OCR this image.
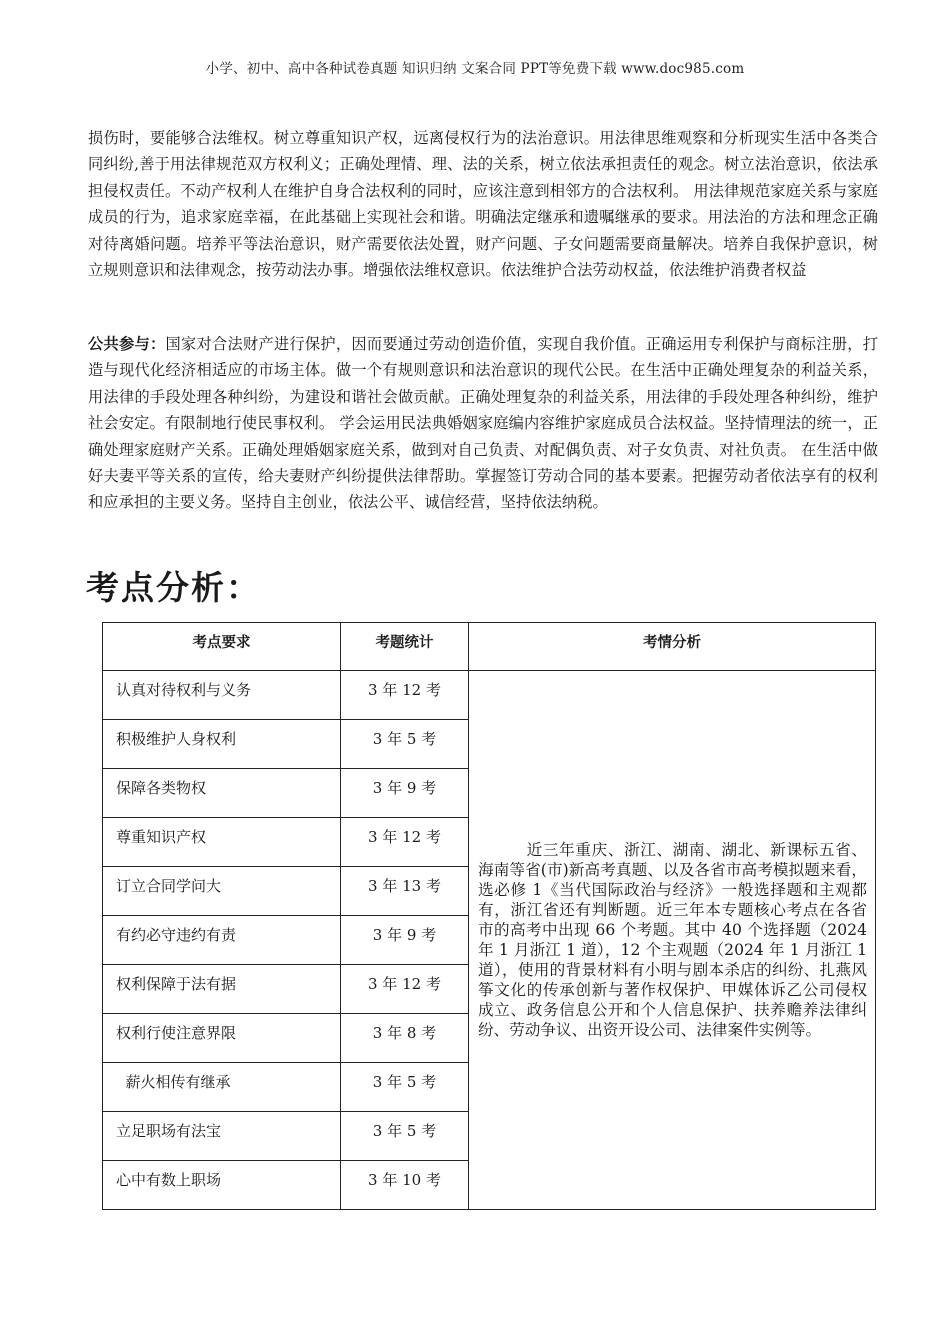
小学、初中、高中各种试卷真题 知识归纳 文案合同 PPT等免费下载 www.doc985.com

损伤时，要能够合法维权。树立尊重知识产权，远离侵权行为的法治意识。用法律思维观察和分析现实生活中各类合同纠纷,善于用法律规范双方权利义；正确处理情、理、法的关系，树立依法承担责任的观念。树立法治意识，依法承担侵权责任。不动产权利人在维护自身合法权利的同时，应该注意到相邻方的合法权利。 用法律规范家庭关系与家庭成员的行为，追求家庭幸福，在此基础上实现社会和谐。明确法定继承和遗嘱继承的要求。用法治的方法和理念正确对待离婚问题。培养平等法治意识，财产需要依法处置，财产问题、子女问题需要商量解决。培养自我保护意识，树立规则意识和法律观念，按劳动法办事。增强依法维权意识。依法维护合法劳动权益，依法维护消费者权益

公共参与：国家对合法财产进行保护，因而要通过劳动创造价值，实现自我价值。正确运用专利保护与商标注册，打造与现代化经济相适应的市场主体。做一个有规则意识和法治意识的现代公民。在生活中正确处理复杂的利益关系，用法律的手段处理各种纠纷，为建设和谐社会做贡献。正确处理复杂的利益关系，用法律的手段处理各种纠纷，维护社会安定。有限制地行使民事权利。 学会运用民法典婚姻家庭编内容维护家庭成员合法权益。坚持情理法的统一，正确处理家庭财产关系。正确处理婚姻家庭关系，做到对自己负责、对配偶负责、对子女负责、对社负责。 在生活中做好夫妻平等关系的宣传，给夫妻财产纠纷提供法律帮助。掌握签订劳动合同的基本要素。把握劳动者依法享有的权利和应承担的主要义务。坚持自主创业，依法公平、诚信经营，坚持依法纳税。

考点分析：
考点要求	考题统计	考情分析
认真对待权利与义务	3 年 12 考	近三年重庆、浙江、湖南、湖北、新课标五省、海南等省(市)新高考真题、以及各省市高考模拟题来看，选必修 1《当代国际政治与经济》一般选择题和主观都有，浙江省还有判断题。近三年本专题核心考点在各省市的高考中出现 66 个考题。其中 40 个选择题（2024 年 1 月浙江 1 道），12 个主观题（2024 年 1 月浙江 1 道），使用的背景材料有小明与剧本杀店的纠纷、扎燕风筝文化的传承创新与著作权保护、甲媒体诉乙公司侵权成立、政务信息公开和个人信息保护、扶养赡养法律纠纷、劳动争议、出资开设公司、法律案件实例等。
积极维护人身权利	3 年 5 考	
保障各类物权	3 年 9 考	
尊重知识产权	3 年 12 考	
订立合同学问大	3 年 13 考	
有约必守违约有责	3 年 9 考	
权利保障于法有据	3 年 12 考	
权利行使注意界限	3 年 8 考	
薪火相传有继承	3 年 5 考	
立足职场有法宝	3 年 5 考	
心中有数上职场	3 年 10 考	
